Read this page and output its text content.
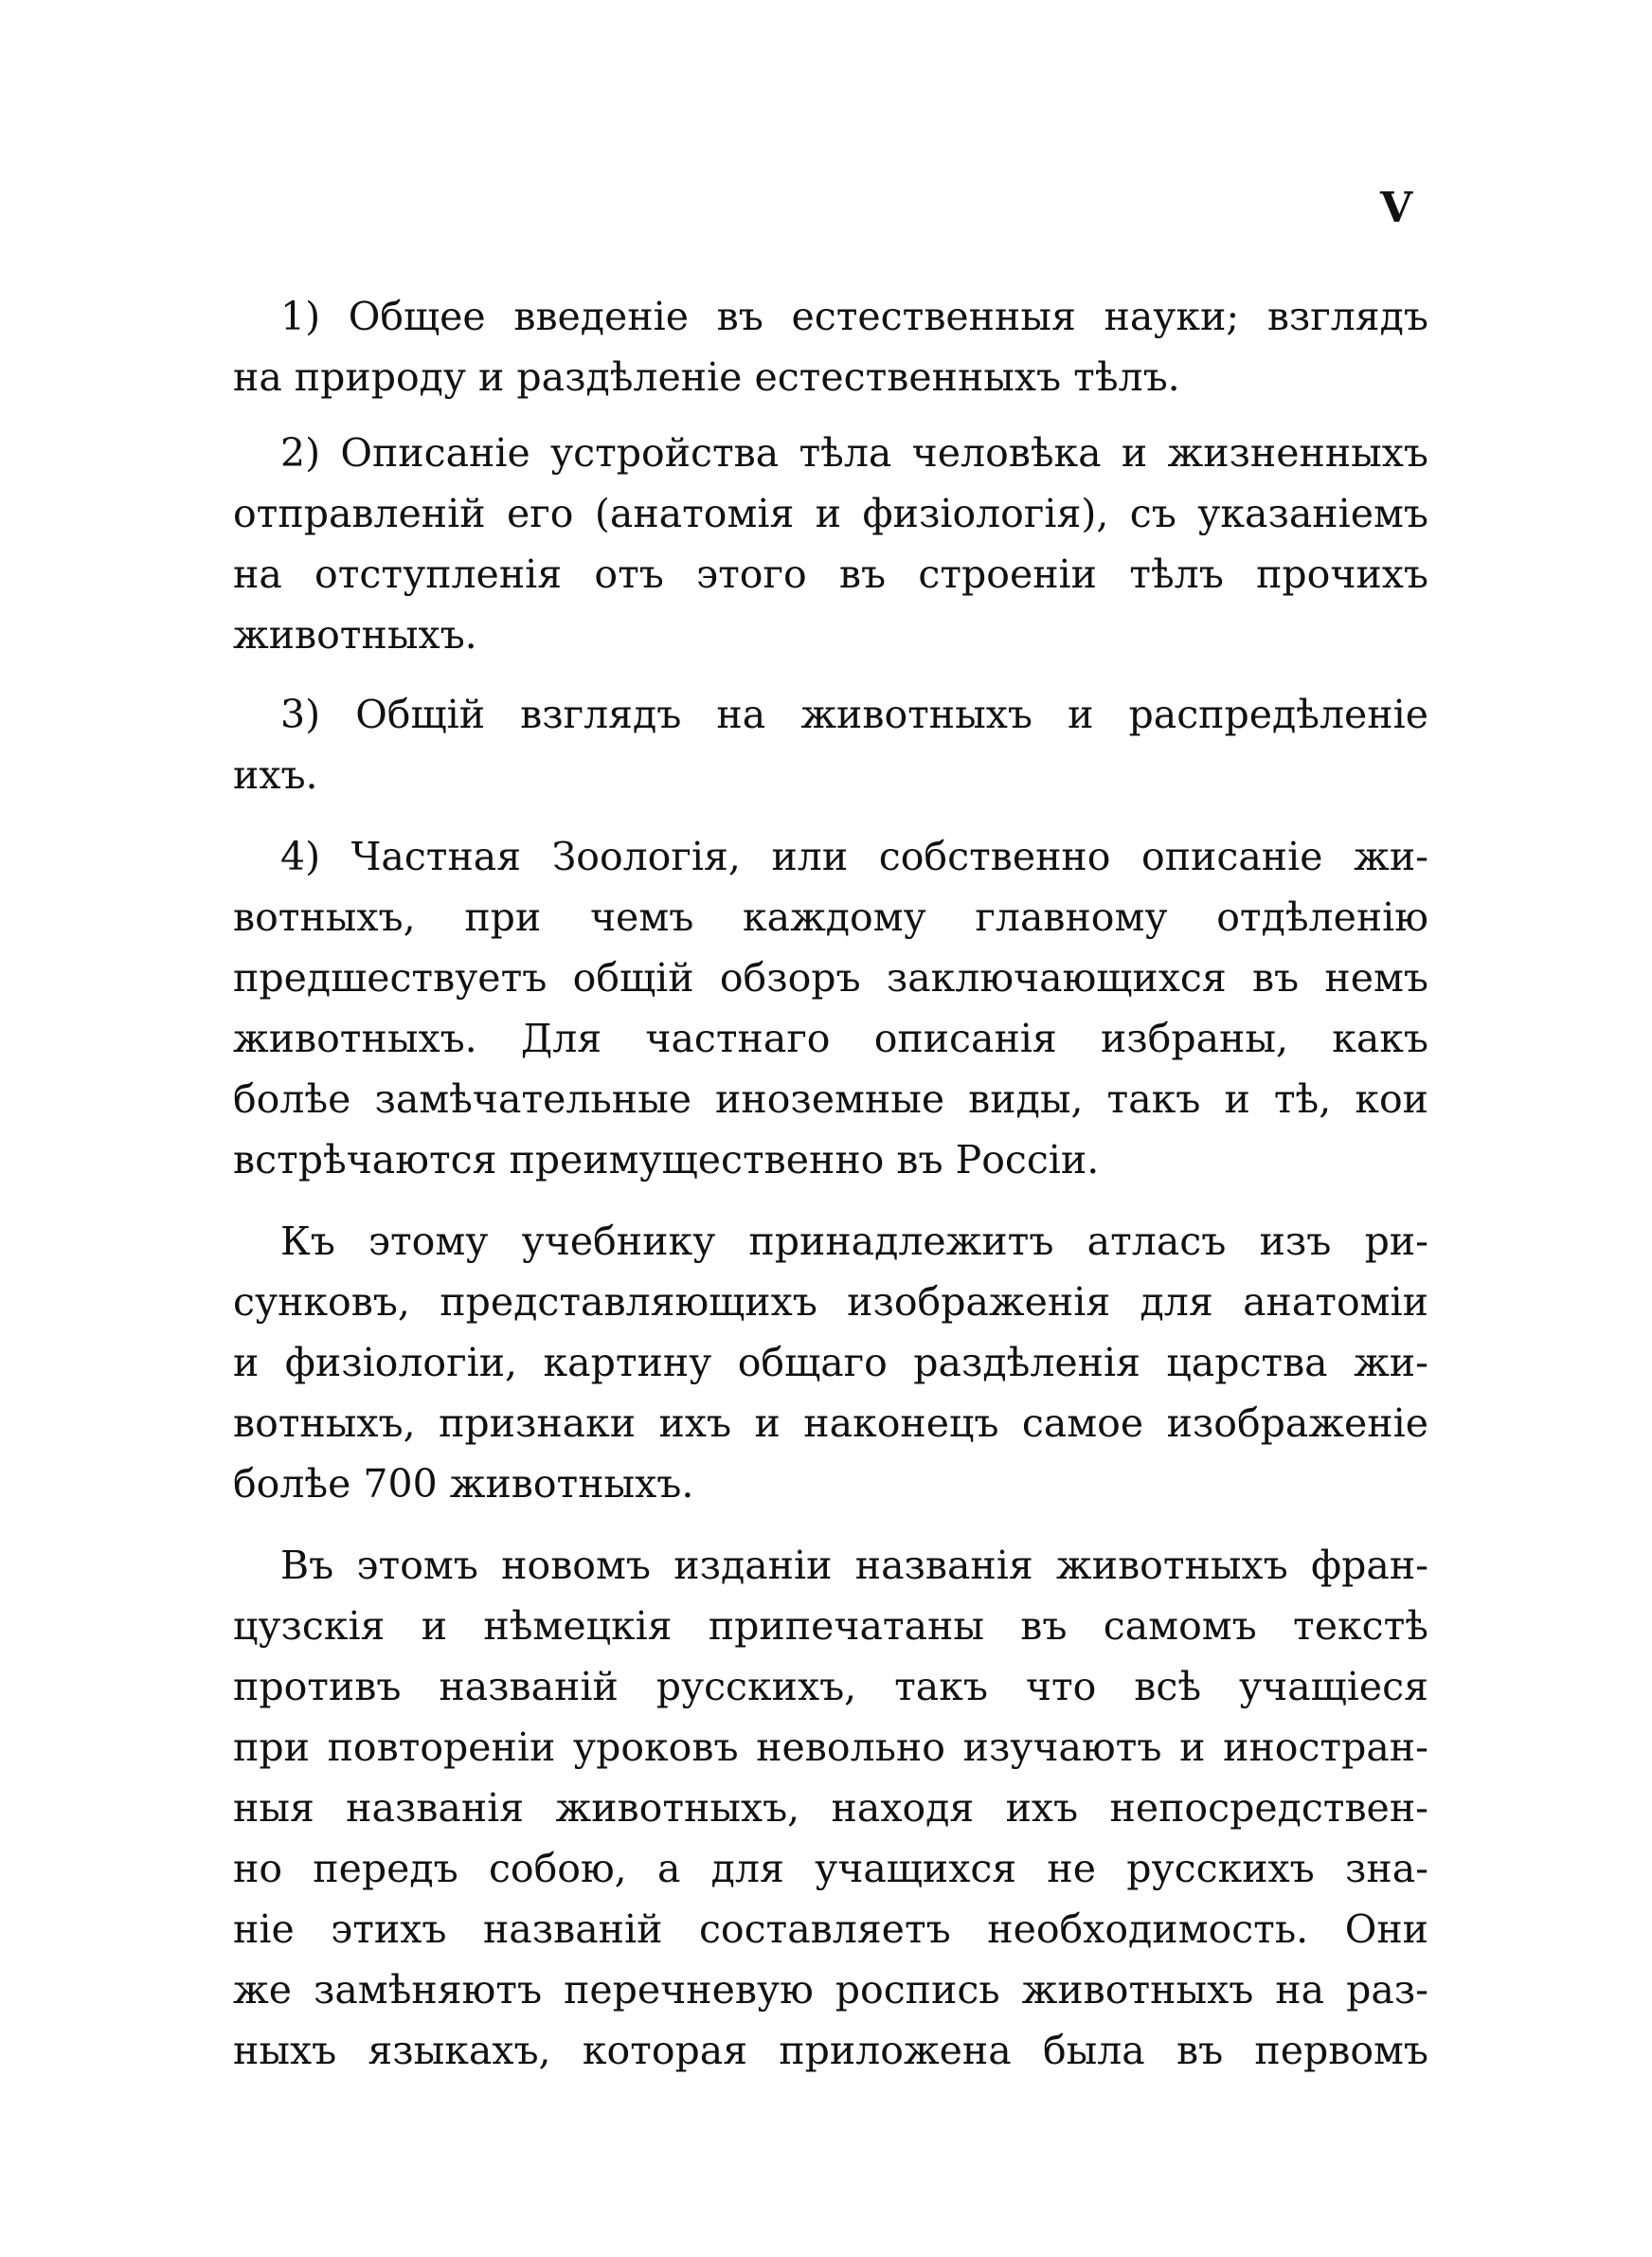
V
1) Общее введеніе въ естественныя науки; взглядъ
на природу и раздѣленіе естественныхъ тѣлъ.
2) Описаніе устройства тѣла человѣка и жизненныхъ
отправленій его (анатомія и физіологія), съ указаніемъ
на отступленія отъ этого въ строеніи тѣлъ прочихъ
животныхъ.
3) Общій взглядъ на животныхъ и распредѣленіе
ихъ.
4) Частная Зоологія, или собственно описаніе жи-
вотныхъ, при чемъ каждому главному отдѣленію
предшествуетъ общій обзоръ заключающихся въ немъ
животныхъ. Для частнаго описанія избраны, какъ
болѣе замѣчательные иноземные виды, такъ и тѣ, кои
встрѣчаются преимущественно въ Россіи.
Къ этому учебнику принадлежитъ атласъ изъ ри-
сунковъ, представляющихъ изображенія для анатоміи
и физіологіи, картину общаго раздѣленія царства жи-
вотныхъ, признаки ихъ и наконецъ самое изображеніе
болѣе 700 животныхъ.
Въ этомъ новомъ изданіи названія животныхъ фран-
цузскія и нѣмецкія припечатаны въ самомъ текстѣ
противъ названій русскихъ, такъ что всѣ учащіеся
при повтореніи уроковъ невольно изучаютъ и иностран-
ныя названія животныхъ, находя ихъ непосредствен-
но передъ собою, а для учащихся не русскихъ зна-
ніе этихъ названій составляетъ необходимость. Они
же замѣняютъ перечневую роспись животныхъ на раз-
ныхъ языкахъ, которая приложена была въ первомъ
